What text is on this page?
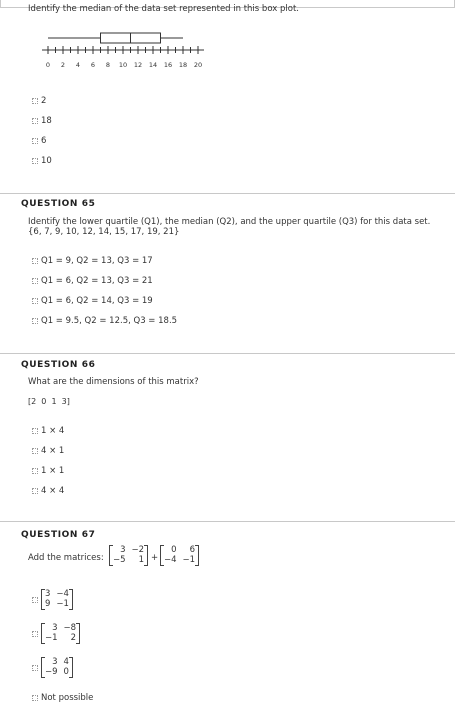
Identify the median of the data set represented in this box plot.
0 2 4 6 8 10 12 14 16 18 20
2
18
6
10
QUESTION 65
Identify the lower quartile (Q1), the median (Q2), and the upper quartile (Q3) for this data set.
{6, 7, 9, 10, 12, 14, 15, 17, 19, 21}
Q1 = 9, Q2 = 13, Q3 = 17
Q1 = 6, Q2 = 13, Q3 = 21
Q1 = 6, Q2 = 14, Q3 = 19
Q1 = 9.5, Q2 = 12.5, Q3 = 18.5
QUESTION 66
What are the dimensions of this matrix?
[2  0  1  3]
1 × 4
4 × 1
1 × 1
4 × 4
QUESTION 67
Add the matrices:
3 −2
−5	1 +
0	6
−4 −1
3 −4
9 −1
3 −8
−1	2
3 4
−9 0
Not possible
